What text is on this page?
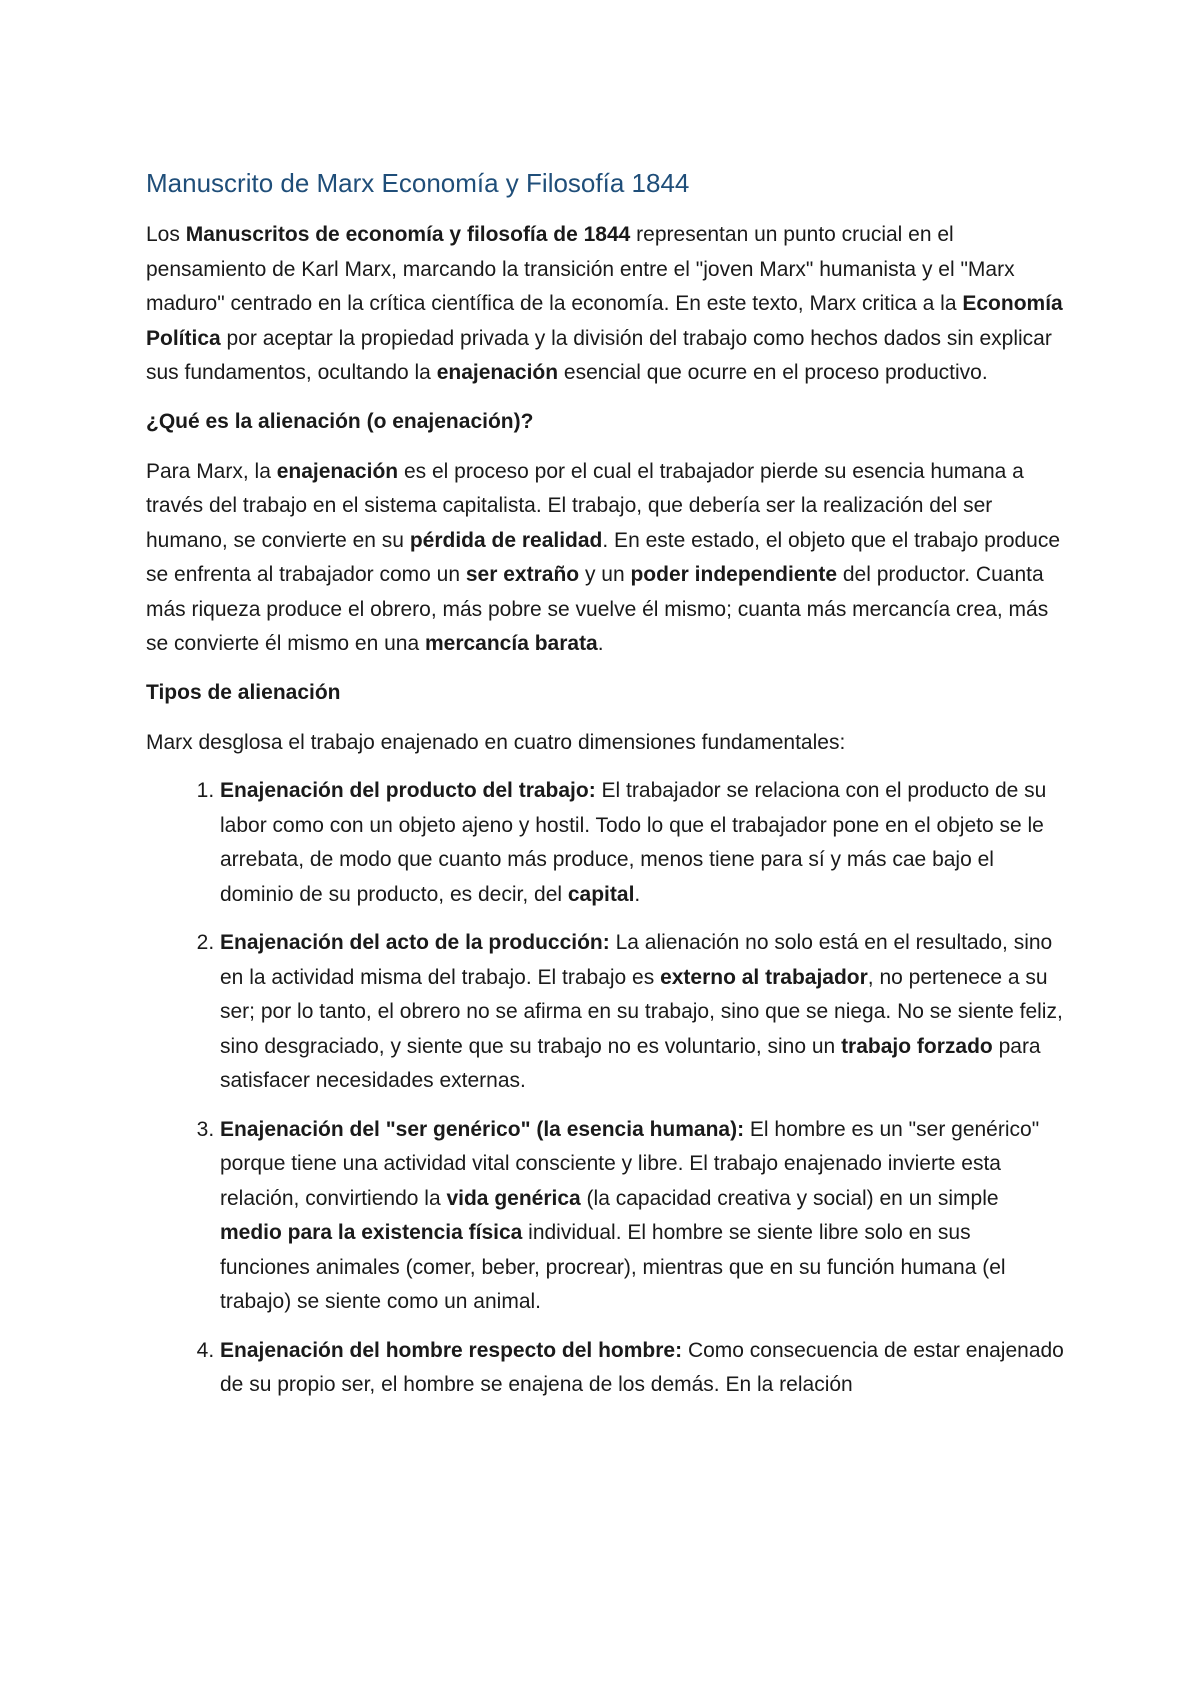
Manuscrito de Marx Economía y Filosofía 1844

Los Manuscritos de economía y filosofía de 1844 representan un punto crucial en el pensamiento de Karl Marx, marcando la transición entre el "joven Marx" humanista y el "Marx maduro" centrado en la crítica científica de la economía. En este texto, Marx critica a la Economía Política por aceptar la propiedad privada y la división del trabajo como hechos dados sin explicar sus fundamentos, ocultando la enajenación esencial que ocurre en el proceso productivo.

¿Qué es la alienación (o enajenación)?

Para Marx, la enajenación es el proceso por el cual el trabajador pierde su esencia humana a través del trabajo en el sistema capitalista. El trabajo, que debería ser la realización del ser humano, se convierte en su pérdida de realidad. En este estado, el objeto que el trabajo produce se enfrenta al trabajador como un ser extraño y un poder independiente del productor. Cuanta más riqueza produce el obrero, más pobre se vuelve él mismo; cuanta más mercancía crea, más se convierte él mismo en una mercancía barata.

Tipos de alienación

Marx desglosa el trabajo enajenado en cuatro dimensiones fundamentales:

1. Enajenación del producto del trabajo: El trabajador se relaciona con el producto de su labor como con un objeto ajeno y hostil. Todo lo que el trabajador pone en el objeto se le arrebata, de modo que cuanto más produce, menos tiene para sí y más cae bajo el dominio de su producto, es decir, del capital.
2. Enajenación del acto de la producción: La alienación no solo está en el resultado, sino en la actividad misma del trabajo. El trabajo es externo al trabajador, no pertenece a su ser; por lo tanto, el obrero no se afirma en su trabajo, sino que se niega. No se siente feliz, sino desgraciado, y siente que su trabajo no es voluntario, sino un trabajo forzado para satisfacer necesidades externas.
3. Enajenación del "ser genérico" (la esencia humana): El hombre es un "ser genérico" porque tiene una actividad vital consciente y libre. El trabajo enajenado invierte esta relación, convirtiendo la vida genérica (la capacidad creativa y social) en un simple medio para la existencia física individual. El hombre se siente libre solo en sus funciones animales (comer, beber, procrear), mientras que en su función humana (el trabajo) se siente como un animal.
4. Enajenación del hombre respecto del hombre: Como consecuencia de estar enajenado de su propio ser, el hombre se enajena de los demás. En la relación
